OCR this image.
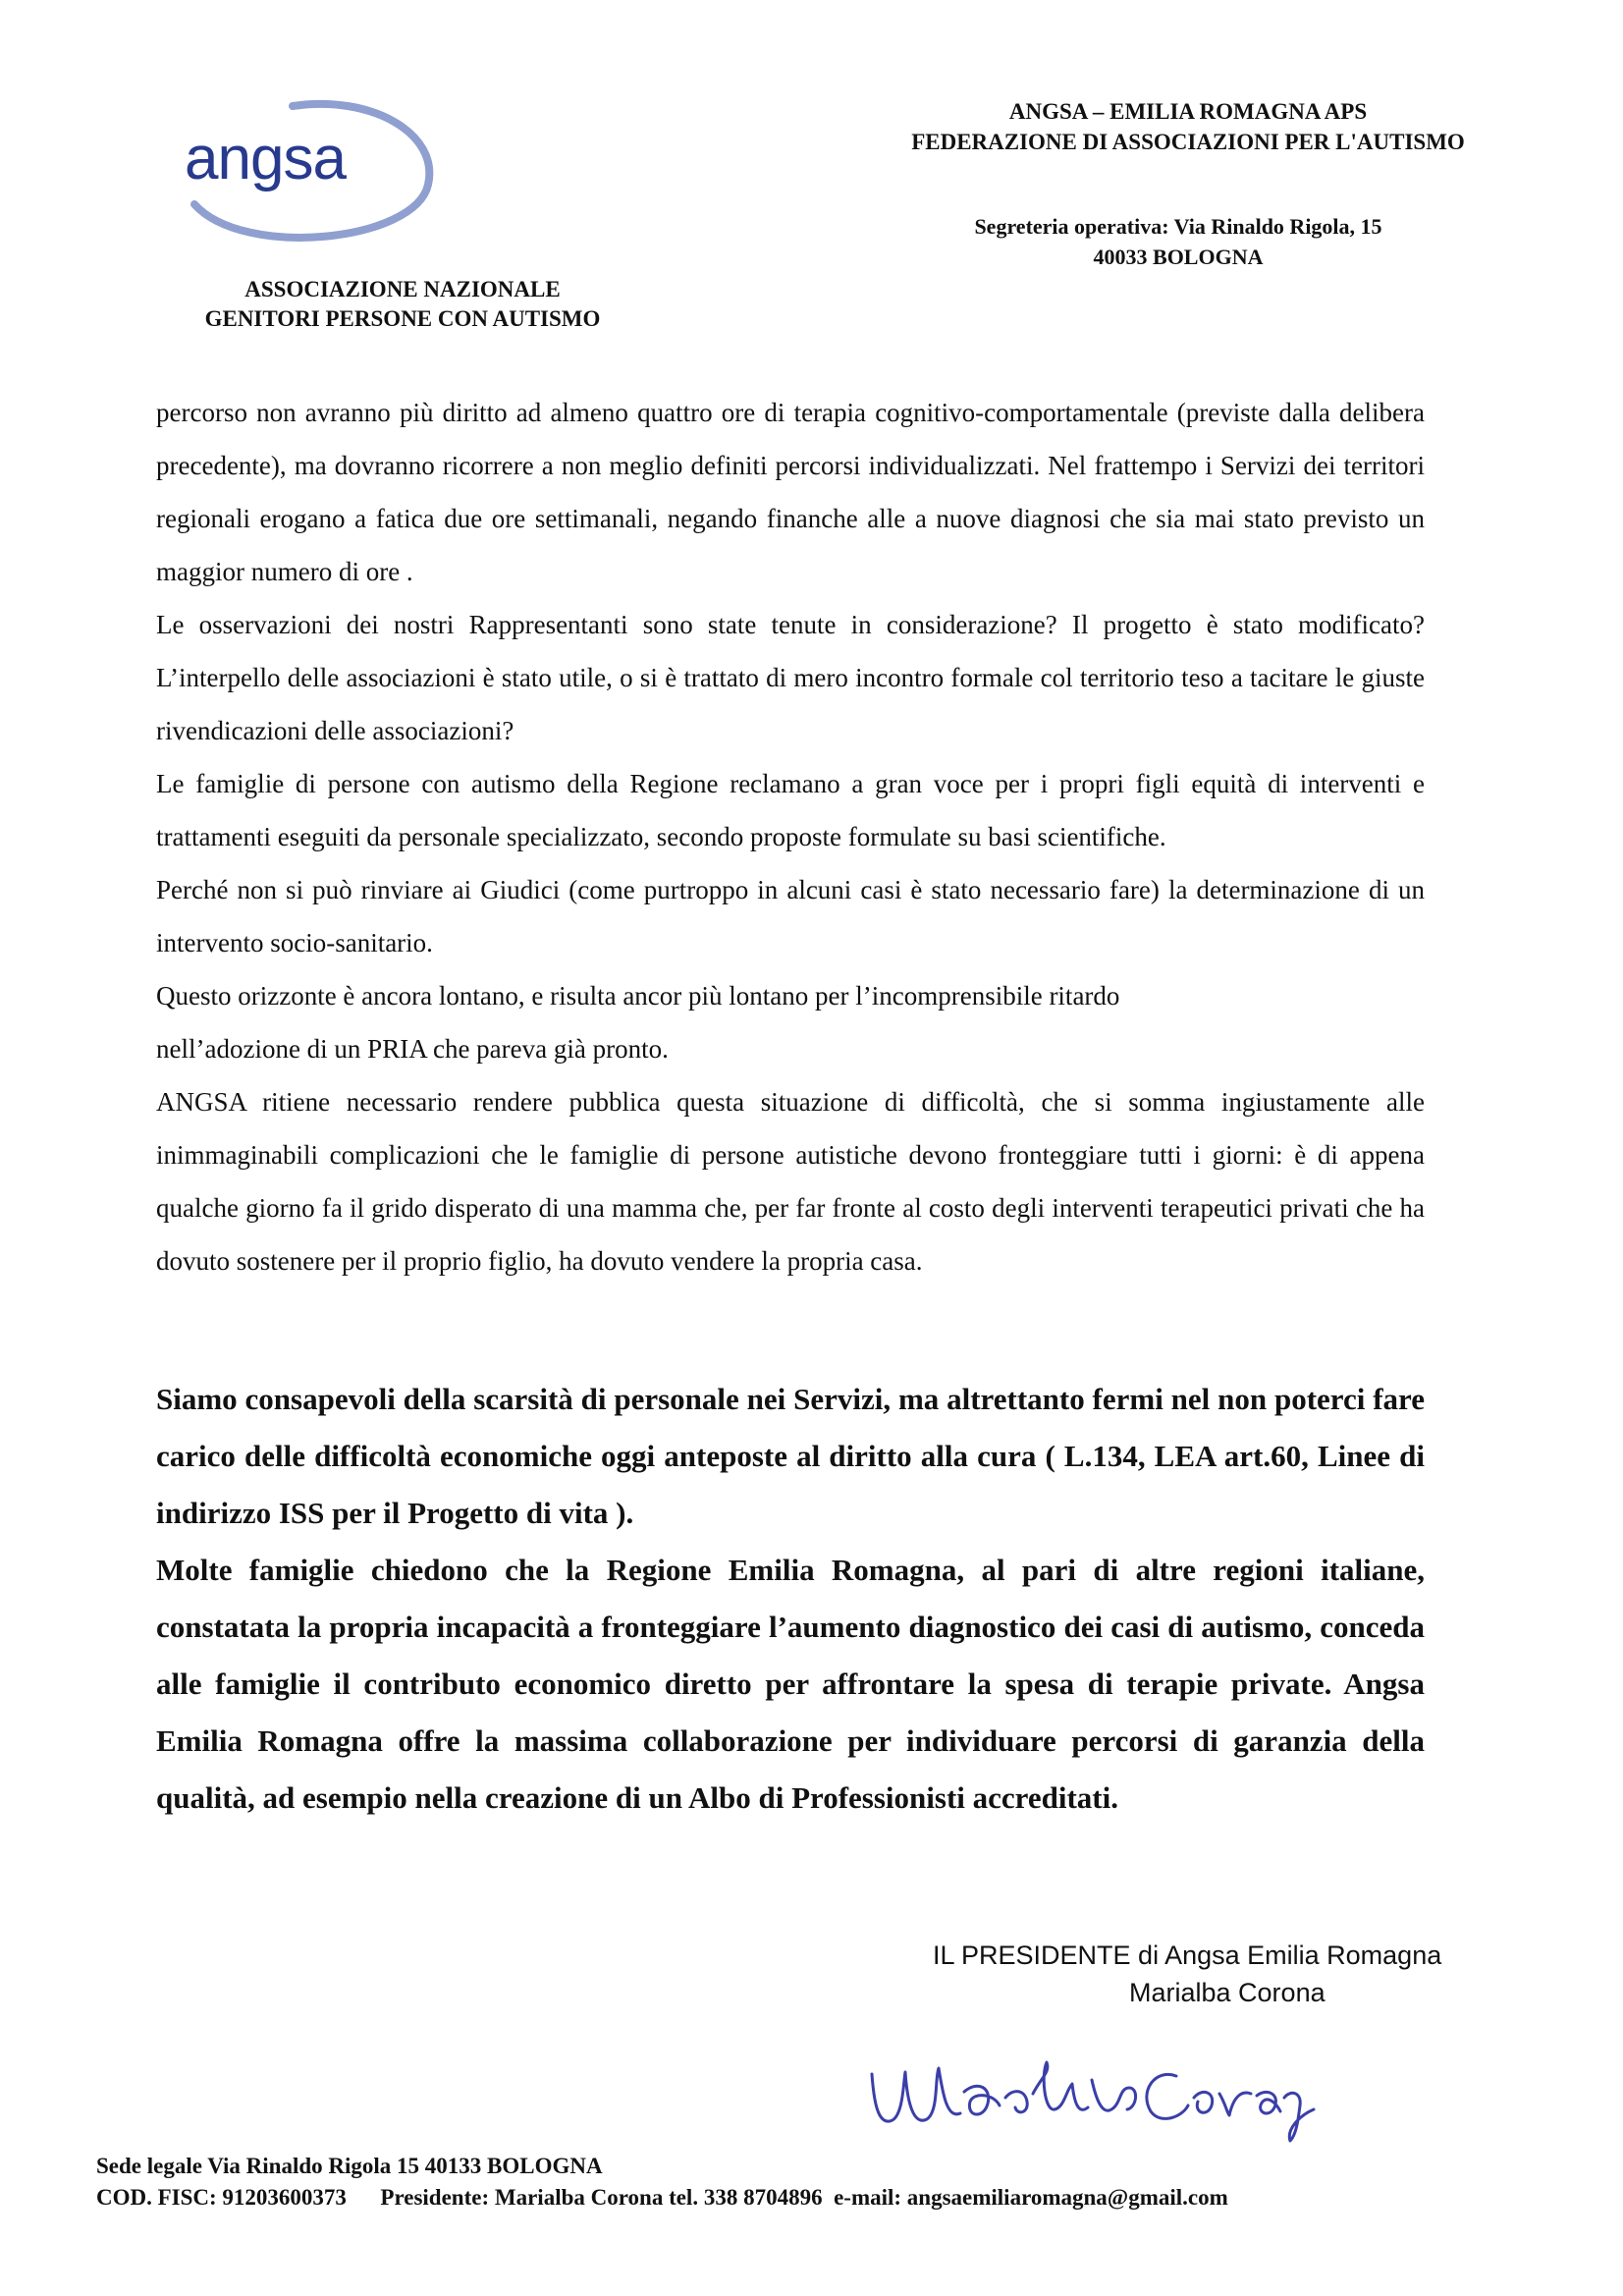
angsa
ASSOCIAZIONE NAZIONALE
GENITORI PERSONE CON AUTISMO
ANGSA – EMILIA ROMAGNA APS
FEDERAZIONE DI ASSOCIAZIONI PER L'AUTISMO
Segreteria operativa: Via Rinaldo Rigola, 15
40033 BOLOGNA

percorso non avranno più diritto ad almeno quattro ore di terapia cognitivo-comportamentale (previste dalla delibera precedente), ma dovranno ricorrere a non meglio definiti percorsi individualizzati. Nel frattempo i Servizi dei territori regionali erogano a fatica due ore settimanali, negando finanche alle a nuove diagnosi che sia mai stato previsto un maggior numero di ore .

Le osservazioni dei nostri Rappresentanti sono state tenute in considerazione? Il progetto è stato modificato? L’interpello delle associazioni è stato utile, o si è trattato di mero incontro formale col territorio teso a tacitare le giuste rivendicazioni delle associazioni?

Le famiglie di persone con autismo della Regione reclamano a gran voce per i propri figli equità di interventi e trattamenti eseguiti da personale specializzato, secondo proposte formulate su basi scientifiche.

Perché non si può rinviare ai Giudici (come purtroppo in alcuni casi è stato necessario fare) la determinazione di un intervento socio-sanitario.

Questo orizzonte è ancora lontano, e risulta ancor più lontano per l’incomprensibile ritardo

nell’adozione di un PRIA che pareva già pronto.

ANGSA ritiene necessario rendere pubblica questa situazione di difficoltà, che si somma ingiustamente alle inimmaginabili complicazioni che le famiglie di persone autistiche devono fronteggiare tutti i giorni: è di appena qualche giorno fa il grido disperato di una mamma che, per far fronte al costo degli interventi terapeutici privati che ha dovuto sostenere per il proprio figlio, ha dovuto vendere la propria casa.

Siamo consapevoli della scarsità di personale nei Servizi, ma altrettanto fermi nel non poterci fare carico delle difficoltà economiche oggi anteposte al diritto alla cura ( L.134, LEA art.60, Linee di indirizzo ISS per il Progetto di vita ).

Molte famiglie chiedono che la Regione Emilia Romagna, al pari di altre regioni italiane, constatata la propria incapacità a fronteggiare l’aumento diagnostico dei casi di autismo, conceda alle famiglie il contributo economico diretto per affrontare la spesa di terapie private. Angsa Emilia Romagna offre la massima collaborazione per individuare percorsi di garanzia della qualità, ad esempio nella creazione di un Albo di Professionisti accreditati.

IL PRESIDENTE di Angsa Emilia Romagna
Marialba Corona
Sede legale Via Rinaldo Rigola 15 40133 BOLOGNA
COD. FISC: 91203600373      Presidente: Marialba Corona tel. 338 8704896  e-mail: angsaemiliaromagna@gmail.com
